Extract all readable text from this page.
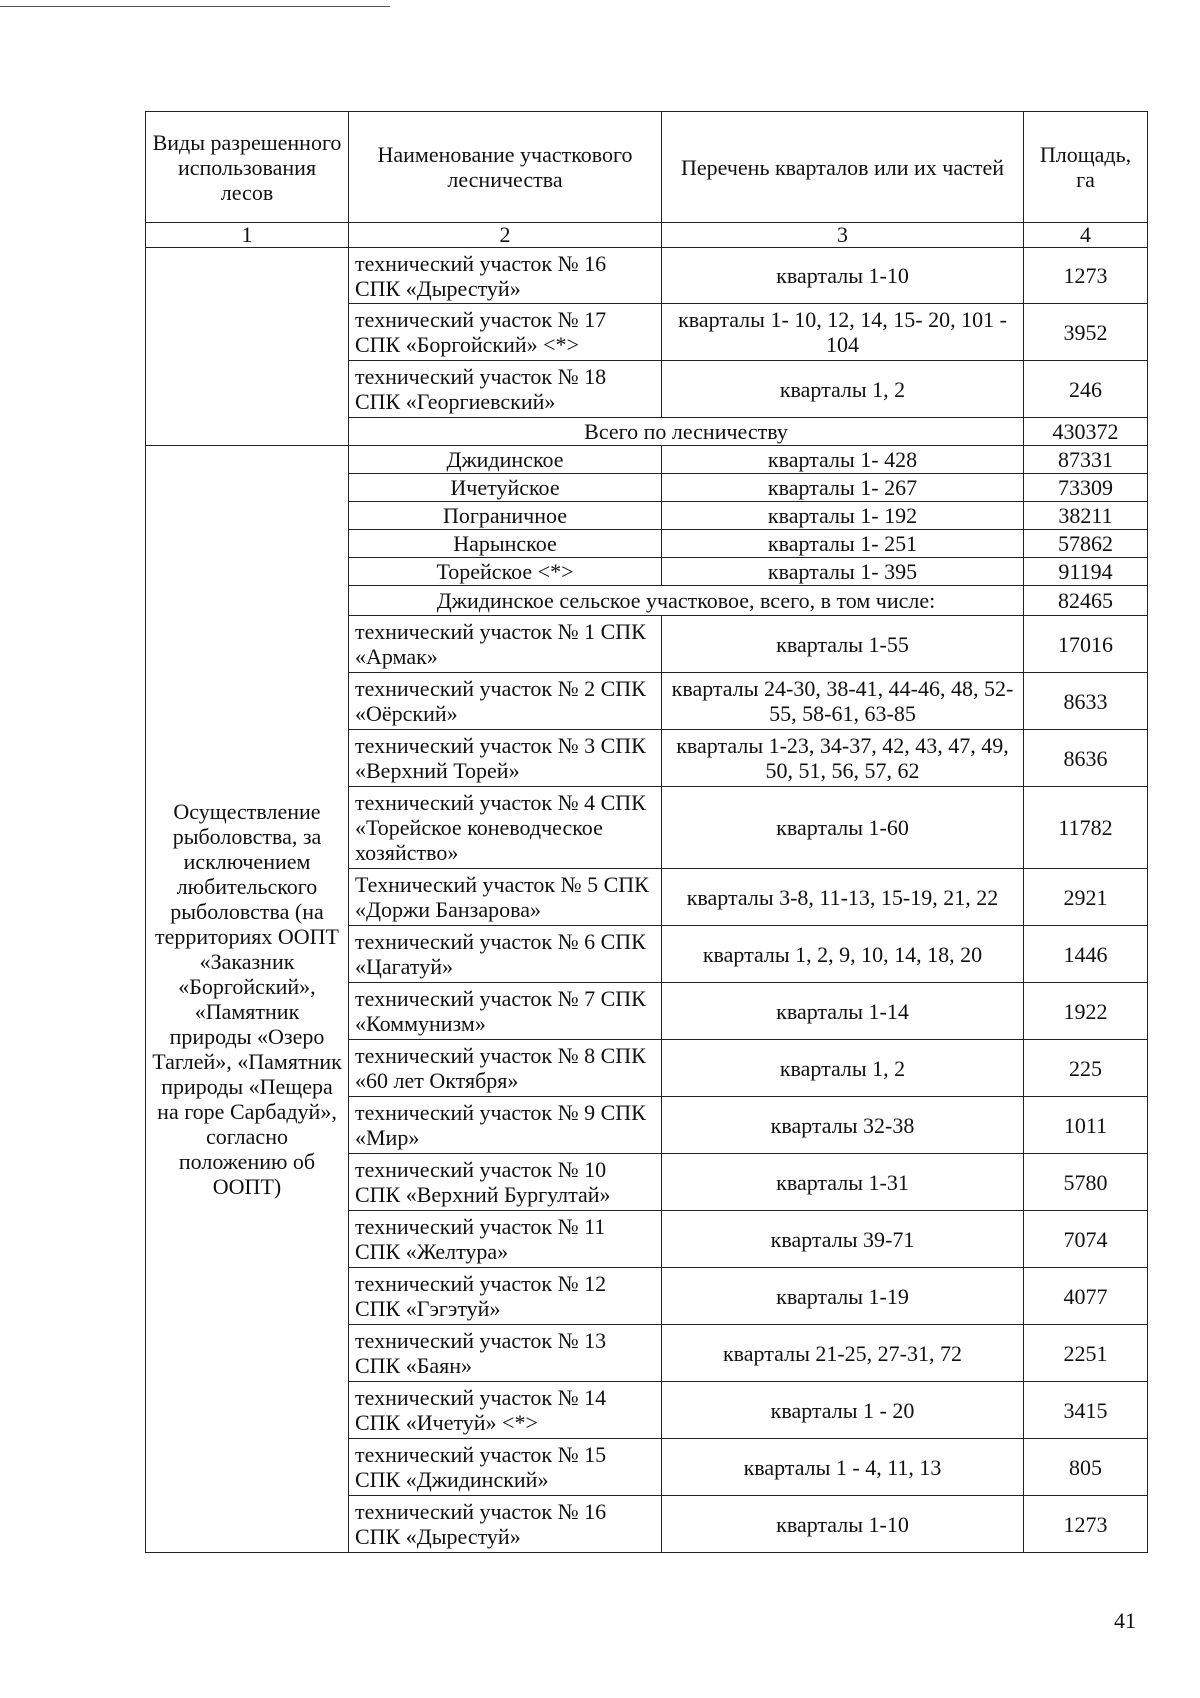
Виды разрешенного использования лесов	Наименование участкового лесничества	Перечень кварталов или их частей	Площадь, га
1	2	3	4
	технический участок № 16 СПК «Дырестуй»	кварталы 1-10	1273
	технический участок № 17 СПК «Боргойский» <*>	кварталы 1- 10, 12, 14, 15- 20, 101 - 104	3952
	технический участок № 18 СПК «Георгиевский»	кварталы 1, 2	246
	Всего по лесничеству		430372
Осуществление рыболовства, за исключением любительского рыболовства (на территориях ООПТ «Заказник «Боргойский», «Памятник природы «Озеро Таглей», «Памятник природы «Пещера на горе Сарбадуй», согласно положению об ООПТ)	Джидинское	кварталы 1- 428	87331
	Ичетуйское	кварталы 1- 267	73309
	Пограничное	кварталы 1- 192	38211
	Нарынское	кварталы 1- 251	57862
	Торейское <*>	кварталы 1- 395	91194
	Джидинское сельское участковое, всего, в том числе:		82465
	технический участок № 1 СПК «Армак»	кварталы 1-55	17016
	технический участок № 2 СПК «Оёрский»	кварталы 24-30, 38-41, 44-46, 48, 52-55, 58-61, 63-85	8633
	технический участок № 3 СПК «Верхний Торей»	кварталы 1-23, 34-37, 42, 43, 47, 49, 50, 51, 56, 57, 62	8636
	технический участок № 4 СПК «Торейское коневодческое хозяйство»	кварталы 1-60	11782
	Технический участок № 5 СПК «Доржи Банзарова»	кварталы 3-8, 11-13, 15-19, 21, 22	2921
	технический участок № 6 СПК «Цагатуй»	кварталы 1, 2, 9, 10, 14, 18, 20	1446
	технический участок № 7 СПК «Коммунизм»	кварталы 1-14	1922
	технический участок № 8 СПК «60 лет Октября»	кварталы 1, 2	225
	технический участок № 9 СПК «Мир»	кварталы 32-38	1011
	технический участок № 10 СПК «Верхний Бургултай»	кварталы 1-31	5780
	технический участок № 11 СПК «Желтура»	кварталы 39-71	7074
	технический участок № 12 СПК «Гэгэтуй»	кварталы 1-19	4077
	технический участок № 13 СПК «Баян»	кварталы 21-25, 27-31, 72	2251
	технический участок № 14 СПК «Ичетуй» <*>	кварталы 1 - 20	3415
	технический участок № 15 СПК «Джидинский»	кварталы 1 - 4, 11, 13	805
	технический участок № 16 СПК «Дырестуй»	кварталы 1-10	1273
41
